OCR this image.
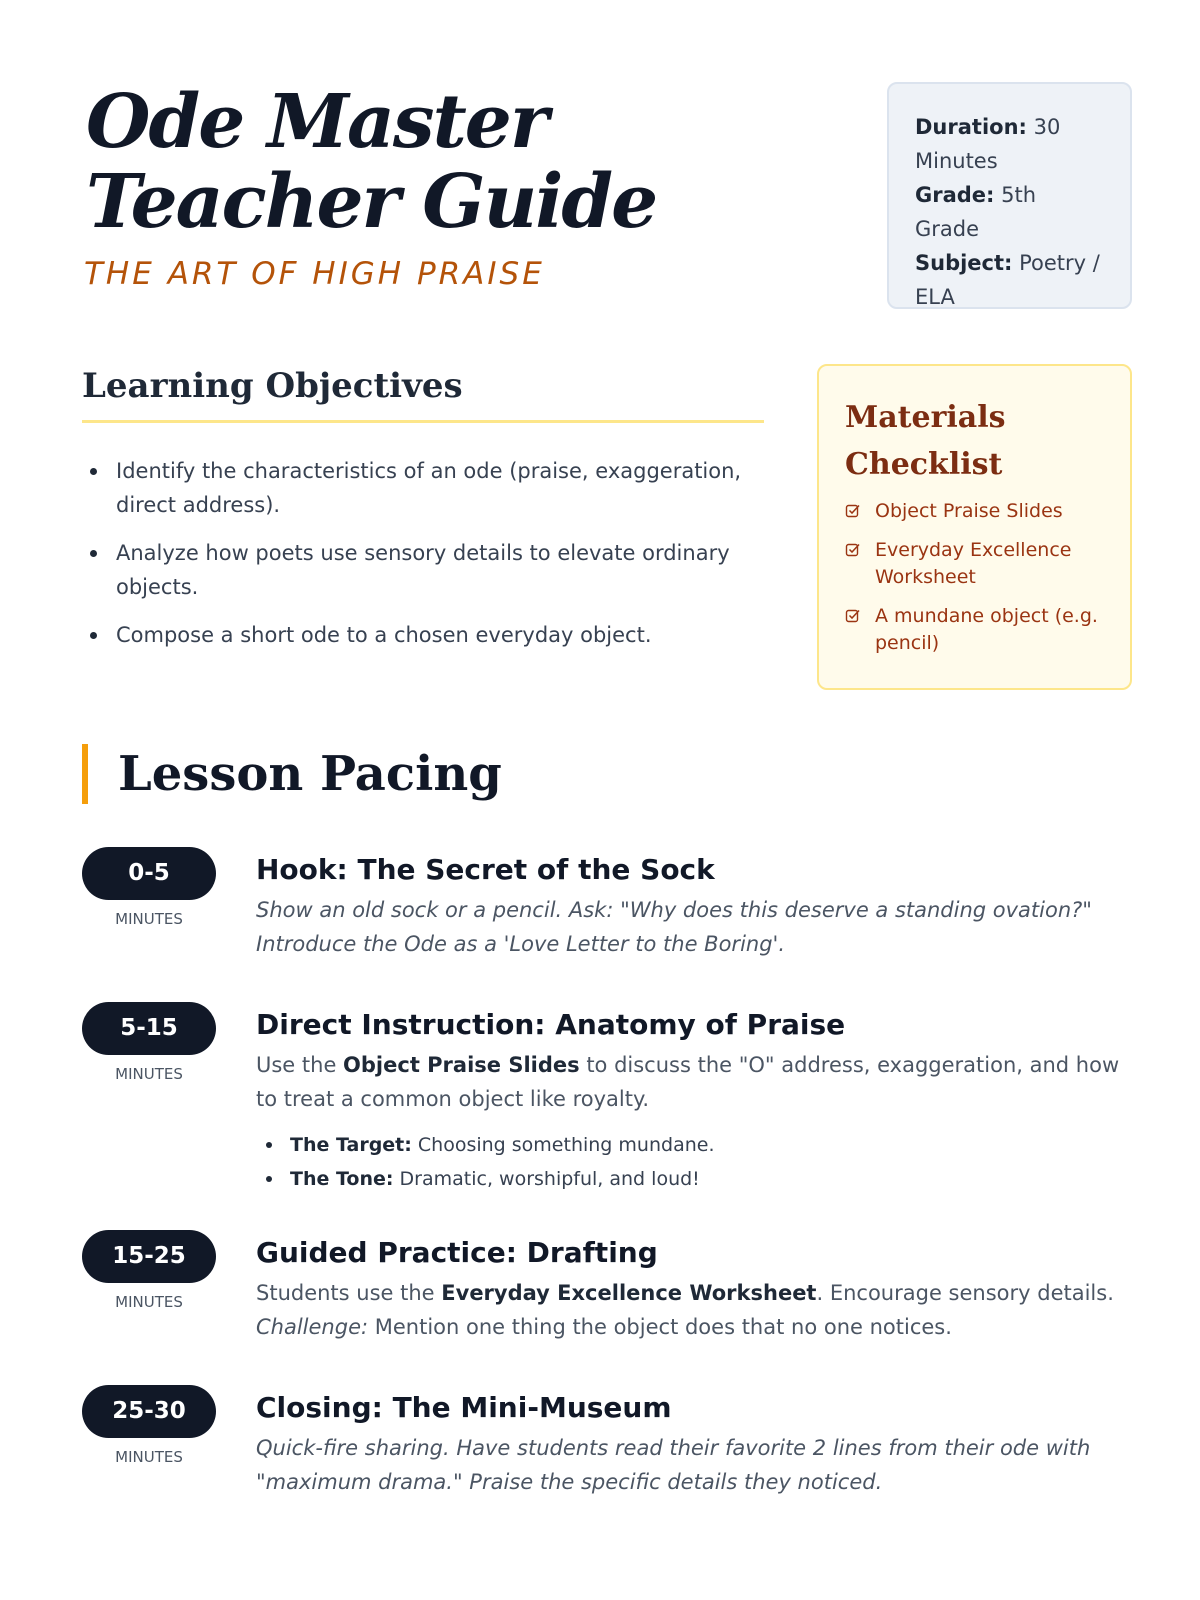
Ode Master Teacher Guide
THE ART OF HIGH PRAISE
Duration: 30 Minutes
Grade: 5th Grade
Subject: Poetry / ELA
Learning Objectives
Identify the characteristics of an ode (praise, exaggeration, direct address).
Analyze how poets use sensory details to elevate ordinary objects.
Compose a short ode to a chosen everyday object.
Materials Checklist
Object Praise Slides
Everyday Excellence Worksheet
A mundane object (e.g. pencil)
Lesson Pacing
0-5
MINUTES
Hook: The Secret of the Sock
Show an old sock or a pencil. Ask: "Why does this deserve a standing ovation?" Introduce the Ode as a 'Love Letter to the Boring'.
5-15
MINUTES
Direct Instruction: Anatomy of Praise
Use the Object Praise Slides to discuss the "O" address, exaggeration, and how to treat a common object like royalty.
The Target: Choosing something mundane.
The Tone: Dramatic, worshipful, and loud!
15-25
MINUTES
Guided Practice: Drafting
Students use the Everyday Excellence Worksheet. Encourage sensory details. Challenge: Mention one thing the object does that no one notices.
25-30
MINUTES
Closing: The Mini-Museum
Quick-fire sharing. Have students read their favorite 2 lines from their ode with "maximum drama." Praise the specific details they noticed.
